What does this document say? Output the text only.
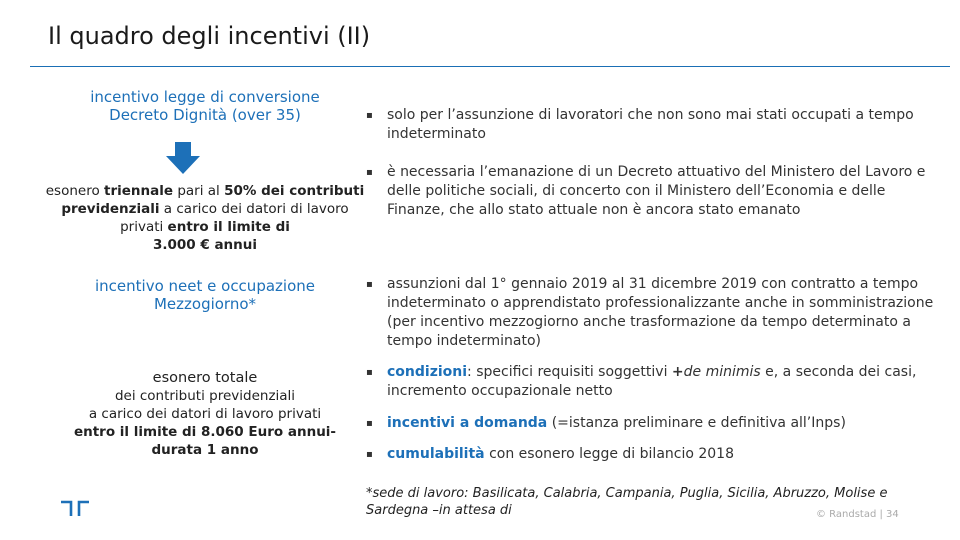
Il quadro degli incentivi (II)
incentivo legge di conversione
Decreto Dignità (over 35)
esonero triennale pari al 50% dei contributi
previdenziali a carico dei datori di lavoro
privati entro il limite di
3.000 € annui
incentivo neet e occupazione
Mezzogiorno*
esonero totale
dei contributi previdenziali
a carico dei datori di lavoro privati
entro il limite di 8.060 Euro annui-
durata 1 anno
▪ solo per l’assunzione di lavoratori che non sono mai stati occupati a tempo indeterminato
▪ è necessaria l’emanazione di un Decreto attuativo del Ministero del Lavoro e delle politiche sociali, di concerto con il Ministero dell’Economia e delle Finanze, che allo stato attuale non è ancora stato emanato
▪ assunzioni dal 1° gennaio 2019 al 31 dicembre 2019 con contratto a tempo indeterminato o apprendistato professionalizzante anche in somministrazione (per incentivo mezzogiorno anche trasformazione da tempo determinato a tempo indeterminato)
▪ condizioni: specifici requisiti soggettivi +de minimis e, a seconda dei casi, incremento occupazionale netto
▪ incentivi a domanda (=istanza preliminare e definitiva all’Inps)
▪ cumulabilità con esonero legge di bilancio 2018
*sede di lavoro: Basilicata, Calabria, Campania, Puglia, Sicilia, Abruzzo, Molise e Sardegna –in attesa di	© Randstad | 34
